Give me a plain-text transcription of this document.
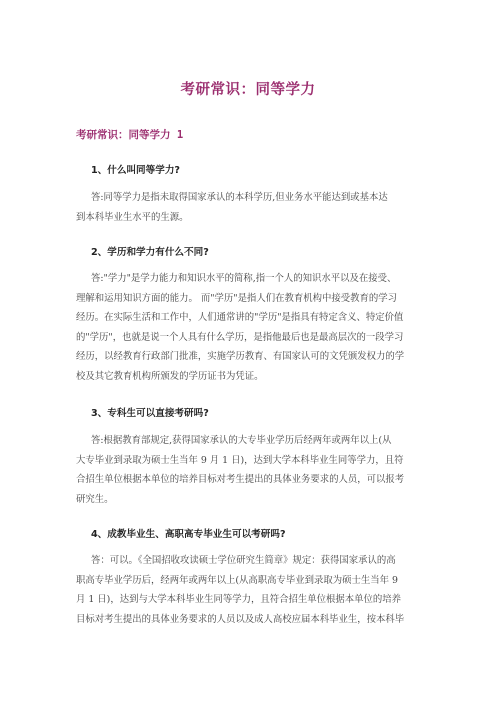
考研常识：同等学力
考研常识：同等学力 1
1、什么叫同等学力?
答:同等学力是指未取得国家承认的本科学历,但业务水平能达到或基本达
到本科毕业生水平的生源。
2、学历和学力有什么不同?
答:"学力"是学力能力和知识水平的简称,指一个人的知识水平以及在接受、
理解和运用知识方面的能力。 而"学历"是指人们在教育机构中接受教育的学习
经历。在实际生活和工作中，人们通常讲的"学历"是指具有特定含义、特定价值
的"学历"，也就是说一个人具有什么学历，是指他最后也是最高层次的一段学习
经历，以经教育行政部门批准，实施学历教育、有国家认可的文凭颁发权力的学
校及其它教育机构所颁发的学历证书为凭证。
3、专科生可以直接考研吗?
答:根据教育部规定,获得国家承认的大专毕业学历后经两年或两年以上(从
大专毕业到录取为硕士生当年 9 月 1 日)，达到大学本科毕业生同等学力，且符
合招生单位根据本单位的培养目标对考生提出的具体业务要求的人员，可以报考
研究生。
4、成教毕业生、高职高专毕业生可以考研吗?
答：可以。《全国招收攻读硕士学位研究生简章》规定：获得国家承认的高
职高专毕业学历后，经两年或两年以上(从高职高专毕业到录取为硕士生当年 9
月 1 日)，达到与大学本科毕业生同等学力，且符合招生单位根据本单位的培养
目标对考生提出的具体业务要求的人员以及成人高校应届本科毕业生，按本科毕
